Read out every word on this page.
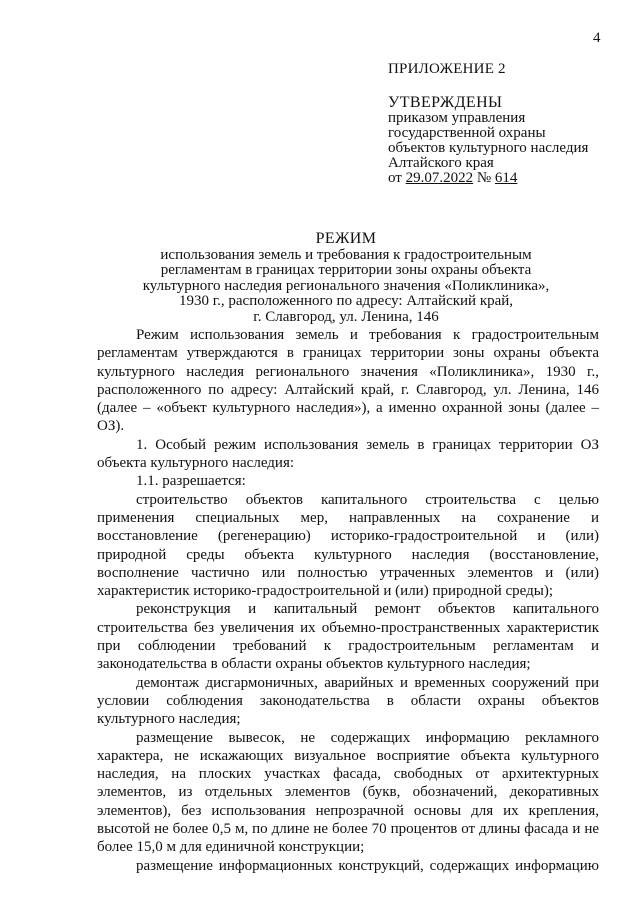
4
ПРИЛОЖЕНИЕ 2
УТВЕРЖДЕНЫ
приказом управления
государственной охраны
объектов культурного наследия
Алтайского края
от 29.07.2022 № 614
РЕЖИМ
использования земель и требования к градостроительным
регламентам в границах территории зоны охраны объекта
культурного наследия регионального значения «Поликлиника»,
1930 г., расположенного по адресу: Алтайский край,
г. Славгород, ул. Ленина, 146

Режим использования земель и требования к градостроительным регламентам утверждаются в границах территории зоны охраны объекта культурного наследия регионального значения «Поликлиника», 1930 г., расположенного по адресу: Алтайский край, г. Славгород, ул. Ленина, 146 (далее – «объект культурного наследия»), а именно охранной зоны (далее – ОЗ).

1. Особый режим использования земель в границах территории ОЗ объекта культурного наследия:

1.1. разрешается:

строительство объектов капитального строительства с целью применения специальных мер, направленных на сохранение и восстановление (регенерацию) историко-градостроительной и (или) природной среды объекта культурного наследия (восстановление, восполнение частично или полностью утраченных элементов и (или) характеристик историко-градостроительной и (или) природной среды);

реконструкция и капитальный ремонт объектов капитального строительства без увеличения их объемно-пространственных характеристик при соблюдении требований к градостроительным регламентам и законодательства в области охраны объектов культурного наследия;

демонтаж дисгармоничных, аварийных и временных сооружений при условии соблюдения законодательства в области охраны объектов культурного наследия;

размещение вывесок, не содержащих информацию рекламного характера, не искажающих визуальное восприятие объекта культурного наследия, на плоских участках фасада, свободных от архитектурных элементов, из отдельных элементов (букв, обозначений, декоративных элементов), без использования непрозрачной основы для их крепления, высотой не более 0,5 м, по длине не более 70 процентов от длины фасада и не более 15,0 м для единичной конструкции;

размещение информационных конструкций, содержащих информацию
